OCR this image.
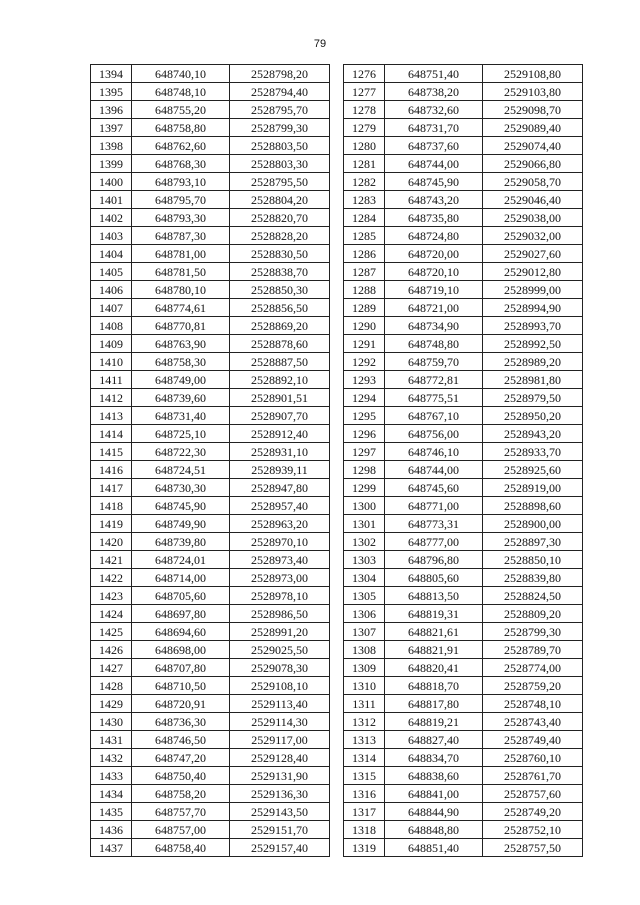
79
1394	648740,10	2528798,20
1395	648748,10	2528794,40
1396	648755,20	2528795,70
1397	648758,80	2528799,30
1398	648762,60	2528803,50
1399	648768,30	2528803,30
1400	648793,10	2528795,50
1401	648795,70	2528804,20
1402	648793,30	2528820,70
1403	648787,30	2528828,20
1404	648781,00	2528830,50
1405	648781,50	2528838,70
1406	648780,10	2528850,30
1407	648774,61	2528856,50
1408	648770,81	2528869,20
1409	648763,90	2528878,60
1410	648758,30	2528887,50
1411	648749,00	2528892,10
1412	648739,60	2528901,51
1413	648731,40	2528907,70
1414	648725,10	2528912,40
1415	648722,30	2528931,10
1416	648724,51	2528939,11
1417	648730,30	2528947,80
1418	648745,90	2528957,40
1419	648749,90	2528963,20
1420	648739,80	2528970,10
1421	648724,01	2528973,40
1422	648714,00	2528973,00
1423	648705,60	2528978,10
1424	648697,80	2528986,50
1425	648694,60	2528991,20
1426	648698,00	2529025,50
1427	648707,80	2529078,30
1428	648710,50	2529108,10
1429	648720,91	2529113,40
1430	648736,30	2529114,30
1431	648746,50	2529117,00
1432	648747,20	2529128,40
1433	648750,40	2529131,90
1434	648758,20	2529136,30
1435	648757,70	2529143,50
1436	648757,00	2529151,70
1437	648758,40	2529157,40
1276	648751,40	2529108,80
1277	648738,20	2529103,80
1278	648732,60	2529098,70
1279	648731,70	2529089,40
1280	648737,60	2529074,40
1281	648744,00	2529066,80
1282	648745,90	2529058,70
1283	648743,20	2529046,40
1284	648735,80	2529038,00
1285	648724,80	2529032,00
1286	648720,00	2529027,60
1287	648720,10	2529012,80
1288	648719,10	2528999,00
1289	648721,00	2528994,90
1290	648734,90	2528993,70
1291	648748,80	2528992,50
1292	648759,70	2528989,20
1293	648772,81	2528981,80
1294	648775,51	2528979,50
1295	648767,10	2528950,20
1296	648756,00	2528943,20
1297	648746,10	2528933,70
1298	648744,00	2528925,60
1299	648745,60	2528919,00
1300	648771,00	2528898,60
1301	648773,31	2528900,00
1302	648777,00	2528897,30
1303	648796,80	2528850,10
1304	648805,60	2528839,80
1305	648813,50	2528824,50
1306	648819,31	2528809,20
1307	648821,61	2528799,30
1308	648821,91	2528789,70
1309	648820,41	2528774,00
1310	648818,70	2528759,20
1311	648817,80	2528748,10
1312	648819,21	2528743,40
1313	648827,40	2528749,40
1314	648834,70	2528760,10
1315	648838,60	2528761,70
1316	648841,00	2528757,60
1317	648844,90	2528749,20
1318	648848,80	2528752,10
1319	648851,40	2528757,50
